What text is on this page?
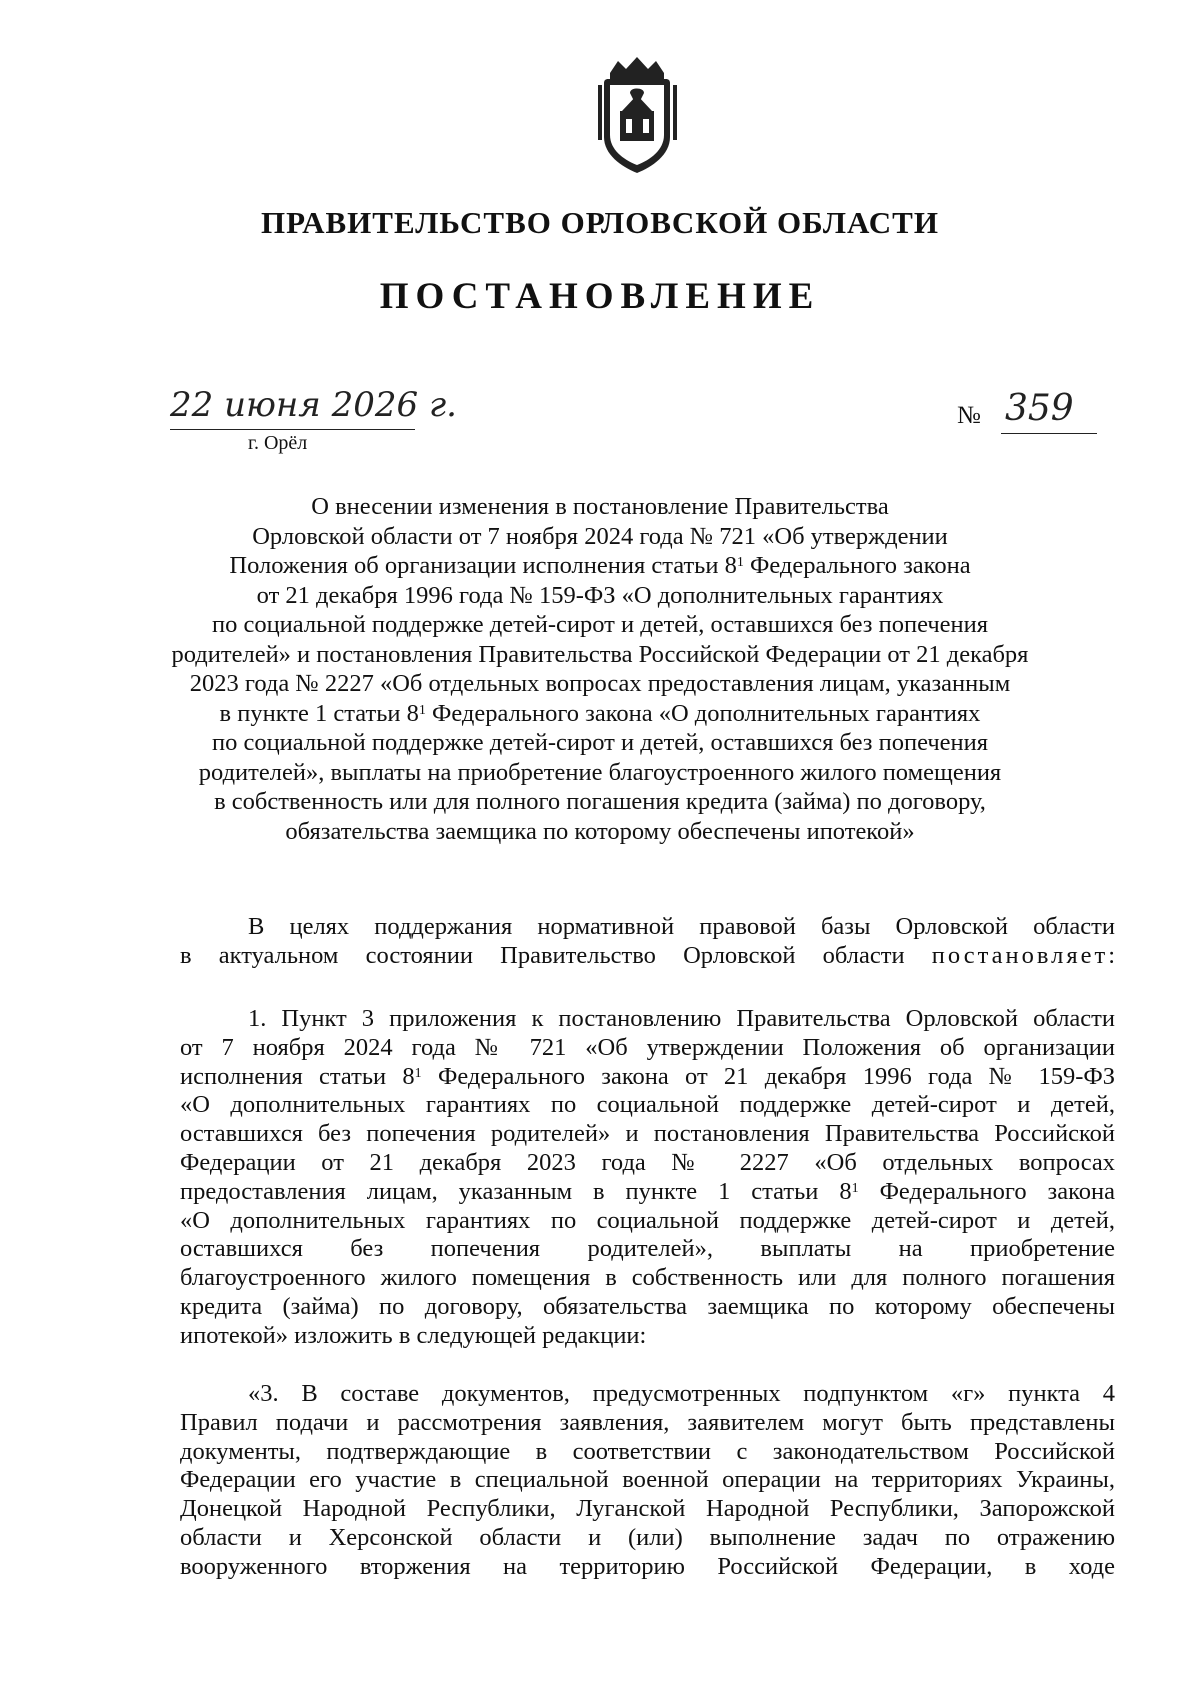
ПРАВИТЕЛЬСТВО ОРЛОВСКОЙ ОБЛАСТИ
ПОСТАНОВЛЕНИЕ
22 июня 2026 г.
г. Орёл
№ 359
О внесении изменения в постановление Правительства
Орловской области от 7 ноября 2024 года № 721 «Об утверждении
Положения об организации исполнения статьи $8^1$ Федерального закона
от 21 декабря 1996 года № 159-ФЗ «О дополнительных гарантиях
по социальной поддержке детей-сирот и детей, оставшихся без попечения
родителей» и постановления Правительства Российской Федерации от 21 декабря
2023 года № 2227 «Об отдельных вопросах предоставления лицам, указанным
в пункте 1 статьи $8^1$ Федерального закона «О дополнительных гарантиях
по социальной поддержке детей-сирот и детей, оставшихся без попечения
родителей», выплаты на приобретение благоустроенного жилого помещения
в собственность или для полного погашения кредита (займа) по договору,
обязательства заемщика по которому обеспечены ипотекой»
В целях поддержания нормативной правовой базы Орловской области
в актуальном состоянии Правительство Орловской области постановляет:
1. Пункт 3 приложения к постановлению Правительства Орловской области
от 7 ноября 2024 года № 721 «Об утверждении Положения об организации
исполнения статьи $8^1$ Федерального закона от 21 декабря 1996 года № 159-ФЗ
«О дополнительных гарантиях по социальной поддержке детей-сирот и детей,
оставшихся без попечения родителей» и постановления Правительства Российской
Федерации от 21 декабря 2023 года № 2227 «Об отдельных вопросах
предоставления лицам, указанным в пункте 1 статьи $8^1$ Федерального закона
«О дополнительных гарантиях по социальной поддержке детей-сирот и детей,
оставшихся без попечения родителей», выплаты на приобретение
благоустроенного жилого помещения в собственность или для полного погашения
кредита (займа) по договору, обязательства заемщика по которому обеспечены
ипотекой» изложить в следующей редакции:
«3. В составе документов, предусмотренных подпунктом «г» пункта 4
Правил подачи и рассмотрения заявления, заявителем могут быть представлены
документы, подтверждающие в соответствии с законодательством Российской
Федерации его участие в специальной военной операции на территориях Украины,
Донецкой Народной Республики, Луганской Народной Республики, Запорожской
области и Херсонской области и (или) выполнение задач по отражению
вооруженного вторжения на территорию Российской Федерации, в ходе
